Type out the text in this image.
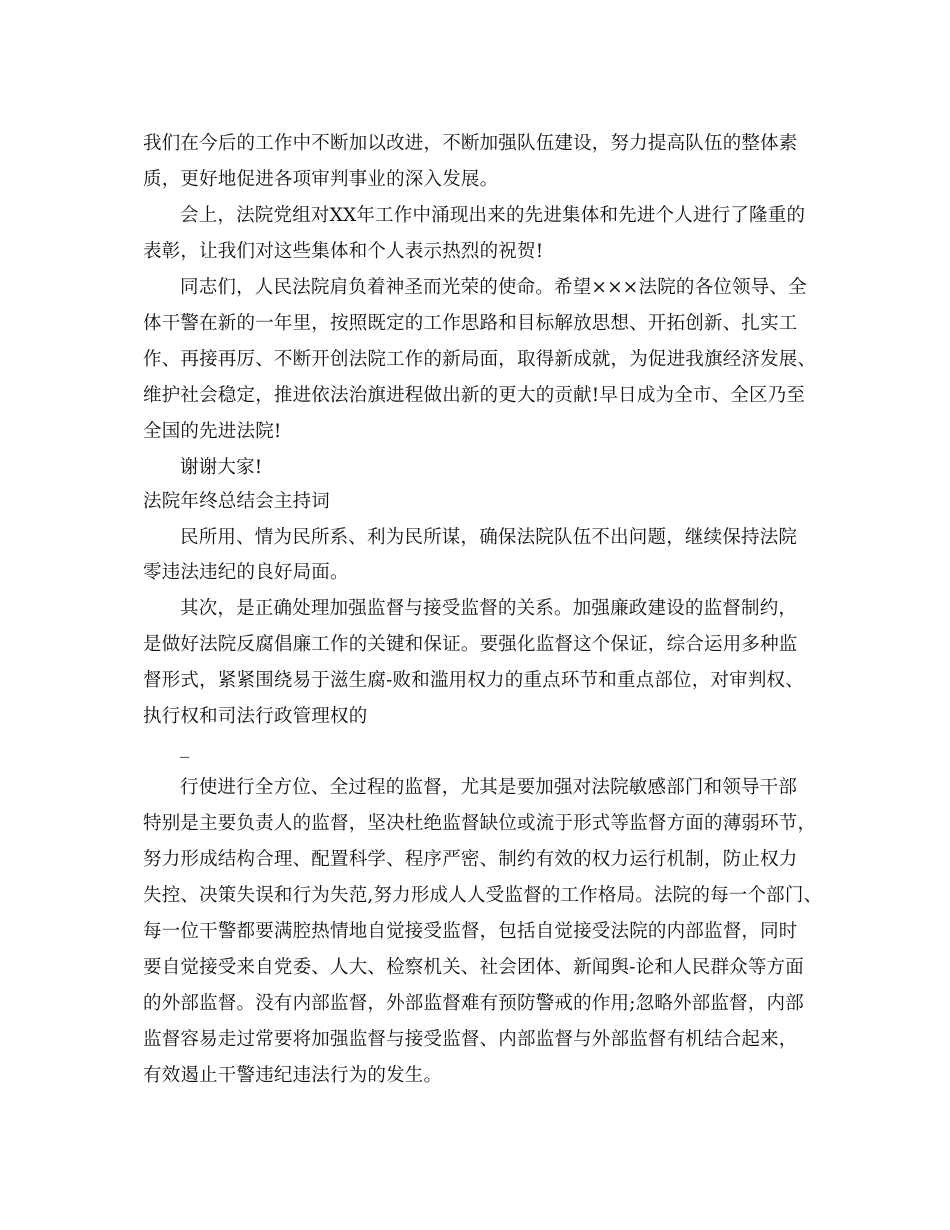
我们在今后的工作中不断加以改进，不断加强队伍建设，努力提高队伍的整体素
质，更好地促进各项审判事业的深入发展。
会上，法院党组对XX年工作中涌现出来的先进集体和先进个人进行了隆重的
表彰，让我们对这些集体和个人表示热烈的祝贺!
同志们，人民法院肩负着神圣而光荣的使命。希望×××法院的各位领导、全
体干警在新的一年里，按照既定的工作思路和目标解放思想、开拓创新、扎实工
作、再接再厉、不断开创法院工作的新局面，取得新成就，为促进我旗经济发展、
维护社会稳定，推进依法治旗进程做出新的更大的贡献!早日成为全市、全区乃至
全国的先进法院!
谢谢大家!
法院年终总结会主持词
民所用、情为民所系、利为民所谋，确保法院队伍不出问题，继续保持法院
零违法违纪的良好局面。
其次，是正确处理加强监督与接受监督的关系。加强廉政建设的监督制约，
是做好法院反腐倡廉工作的关键和保证。要强化监督这个保证，综合运用多种监
督形式，紧紧围绕易于滋生腐-败和滥用权力的重点环节和重点部位，对审判权、
执行权和司法行政管理权的
_
行使进行全方位、全过程的监督，尤其是要加强对法院敏感部门和领导干部
特别是主要负责人的监督，坚决杜绝监督缺位或流于形式等监督方面的薄弱环节，
努力形成结构合理、配置科学、程序严密、制约有效的权力运行机制，防止权力
失控、决策失误和行为失范,努力形成人人受监督的工作格局。法院的每一个部门、
每一位干警都要满腔热情地自觉接受监督，包括自觉接受法院的内部监督，同时
要自觉接受来自党委、人大、检察机关、社会团体、新闻舆-论和人民群众等方面
的外部监督。没有内部监督，外部监督难有预防警戒的作用;忽略外部监督，内部
监督容易走过常要将加强监督与接受监督、内部监督与外部监督有机结合起来，
有效遏止干警违纪违法行为的发生。
